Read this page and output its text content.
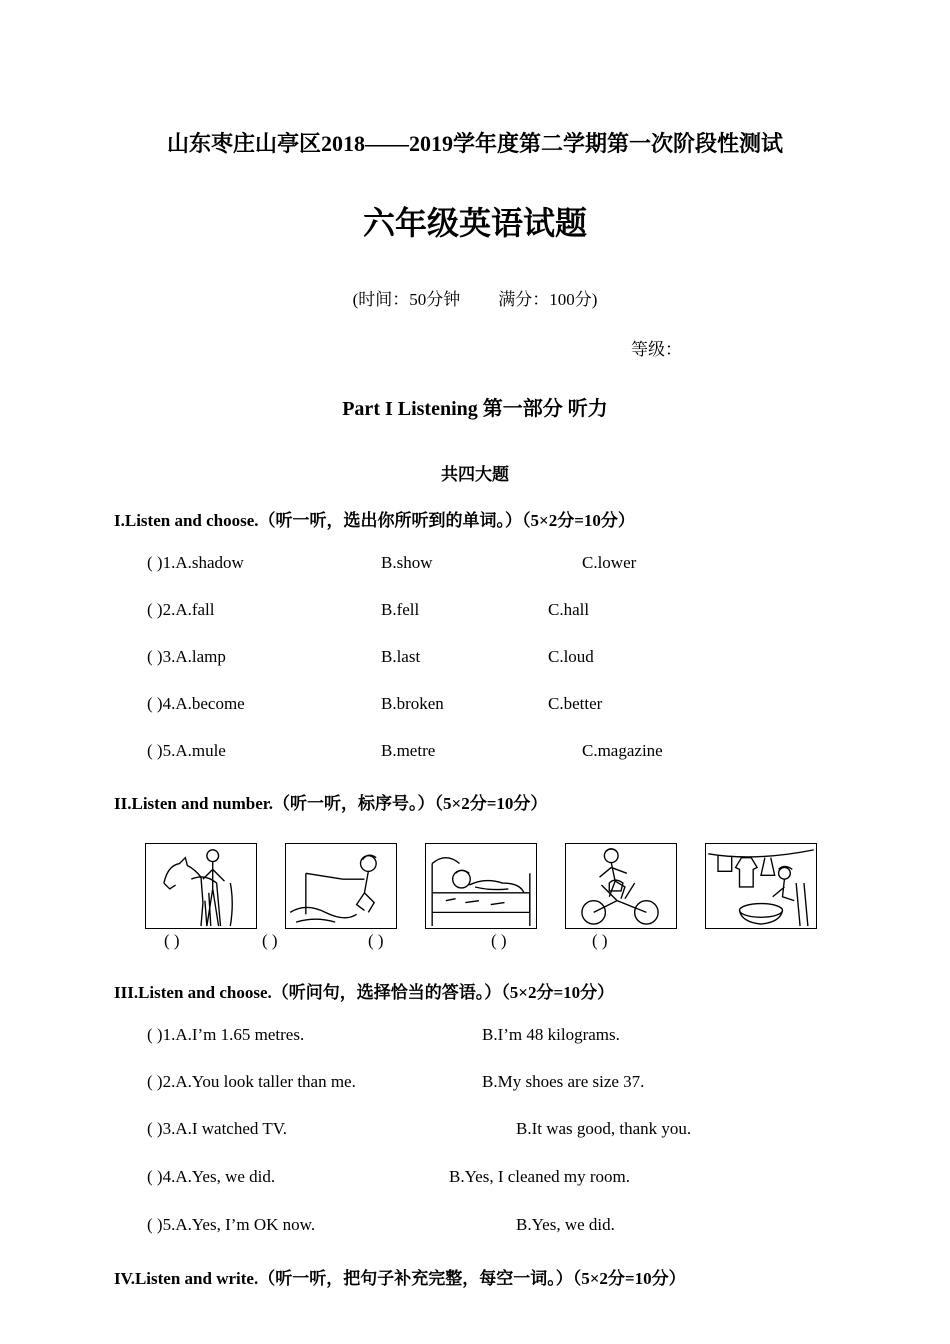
山东枣庄山亭区2018——2019学年度第二学期第一次阶段性测试
六年级英语试题
(时间：50分钟 满分：100分)
等级：
Part I Listening 第一部分 听力
共四大题
I.Listen and choose.（听一听，选出你所听到的单词。）（5×2分=10分）
( )1.A.shadow	B.show	C.lower
( )2.A.fall	B.fell	C.hall
( )3.A.lamp	B.last	C.loud
( )4.A.become	B.broken	C.better
( )5.A.mule	B.metre	C.magazine
II.Listen and number.（听一听，标序号。）（5×2分=10分）
( )	( )	( )	( )	( )
III.Listen and choose.（听问句，选择恰当的答语。）（5×2分=10分）
( )1.A.I’m 1.65 metres.	B.I’m 48 kilograms.
( )2.A.You look taller than me.	B.My shoes are size 37.
( )3.A.I watched TV.	B.It was good, thank you.
( )4.A.Yes, we did.	B.Yes, I cleaned my room.
( )5.A.Yes, I’m OK now.	B.Yes, we did.
IV.Listen and write.（听一听，把句子补充完整，每空一词。）（5×2分=10分）
